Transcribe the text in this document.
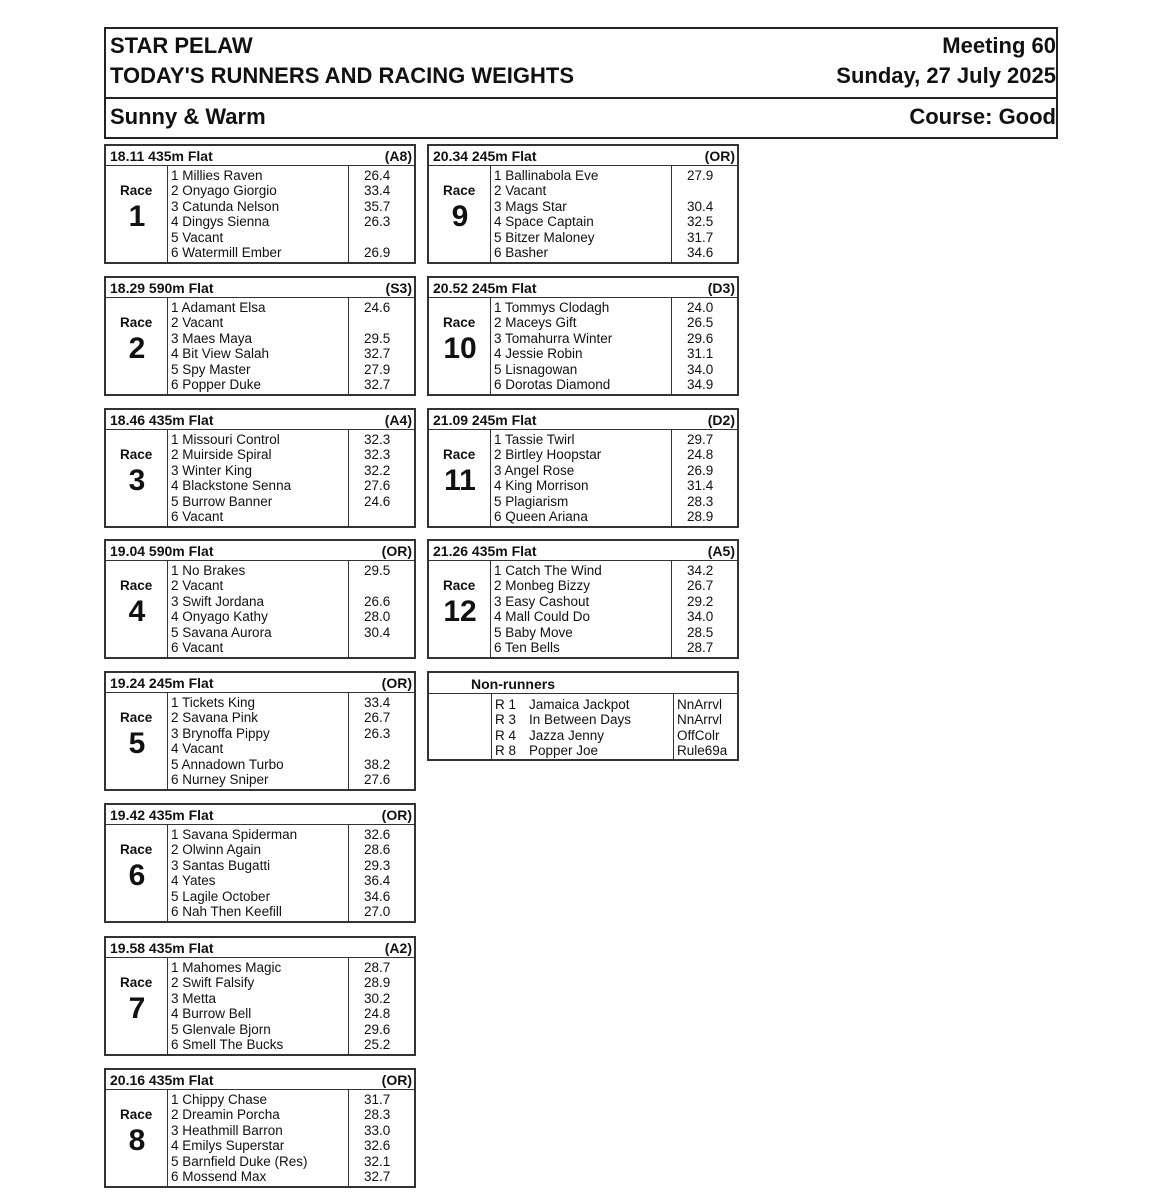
STAR PELAW
TODAY'S RUNNERS AND RACING WEIGHTS
Meeting 60
Sunday, 27 July 2025
Sunny & Warm	Course: Good
18.11 435m Flat	(A8)
Race
1
1 Millies Raven	26.4
2 Onyago Giorgio	33.4
3 Catunda Nelson	35.7
4 Dingys Sienna	26.3
5 Vacant
6 Watermill Ember	26.9
18.29 590m Flat	(S3)
Race
2
1 Adamant Elsa	24.6
2 Vacant
3 Maes Maya	29.5
4 Bit View Salah	32.7
5 Spy Master	27.9
6 Popper Duke	32.7
18.46 435m Flat	(A4)
Race
3
1 Missouri Control	32.3
2 Muirside Spiral	32.3
3 Winter King	32.2
4 Blackstone Senna	27.6
5 Burrow Banner	24.6
6 Vacant
19.04 590m Flat	(OR)
Race
4
1 No Brakes	29.5
2 Vacant
3 Swift Jordana	26.6
4 Onyago Kathy	28.0
5 Savana Aurora	30.4
6 Vacant
19.24 245m Flat	(OR)
Race
5
1 Tickets King	33.4
2 Savana Pink	26.7
3 Brynoffa Pippy	26.3
4 Vacant
5 Annadown Turbo	38.2
6 Nurney Sniper	27.6
19.42 435m Flat	(OR)
Race
6
1 Savana Spiderman	32.6
2 Olwinn Again	28.6
3 Santas Bugatti	29.3
4 Yates	36.4
5 Lagile October	34.6
6 Nah Then Keefill	27.0
19.58 435m Flat	(A2)
Race
7
1 Mahomes Magic	28.7
2 Swift Falsify	28.9
3 Metta	30.2
4 Burrow Bell	24.8
5 Glenvale Bjorn	29.6
6 Smell The Bucks	25.2
20.16 435m Flat	(OR)
Race
8
1 Chippy Chase	31.7
2 Dreamin Porcha	28.3
3 Heathmill Barron	33.0
4 Emilys Superstar	32.6
5 Barnfield Duke (Res)	32.1
6 Mossend Max	32.7
20.34 245m Flat	(OR)
Race
9
1 Ballinabola Eve	27.9
2 Vacant
3 Mags Star	30.4
4 Space Captain	32.5
5 Bitzer Maloney	31.7
6 Basher	34.6
20.52 245m Flat	(D3)
Race
10
1 Tommys Clodagh	24.0
2 Maceys Gift	26.5
3 Tomahurra Winter	29.6
4 Jessie Robin	31.1
5 Lisnagowan	34.0
6 Dorotas Diamond	34.9
21.09 245m Flat	(D2)
Race
11
1 Tassie Twirl	29.7
2 Birtley Hoopstar	24.8
3 Angel Rose	26.9
4 King Morrison	31.4
5 Plagiarism	28.3
6 Queen Ariana	28.9
21.26 435m Flat	(A5)
Race
12
1 Catch The Wind	34.2
2 Monbeg Bizzy	26.7
3 Easy Cashout	29.2
4 Mall Could Do	34.0
5 Baby Move	28.5
6 Ten Bells	28.7
Non-runners
R 1 Jamaica Jackpot	NnArrvl
R 3 In Between Days	NnArrvl
R 4 Jazza Jenny	OffColr
R 8 Popper Joe	Rule69a
